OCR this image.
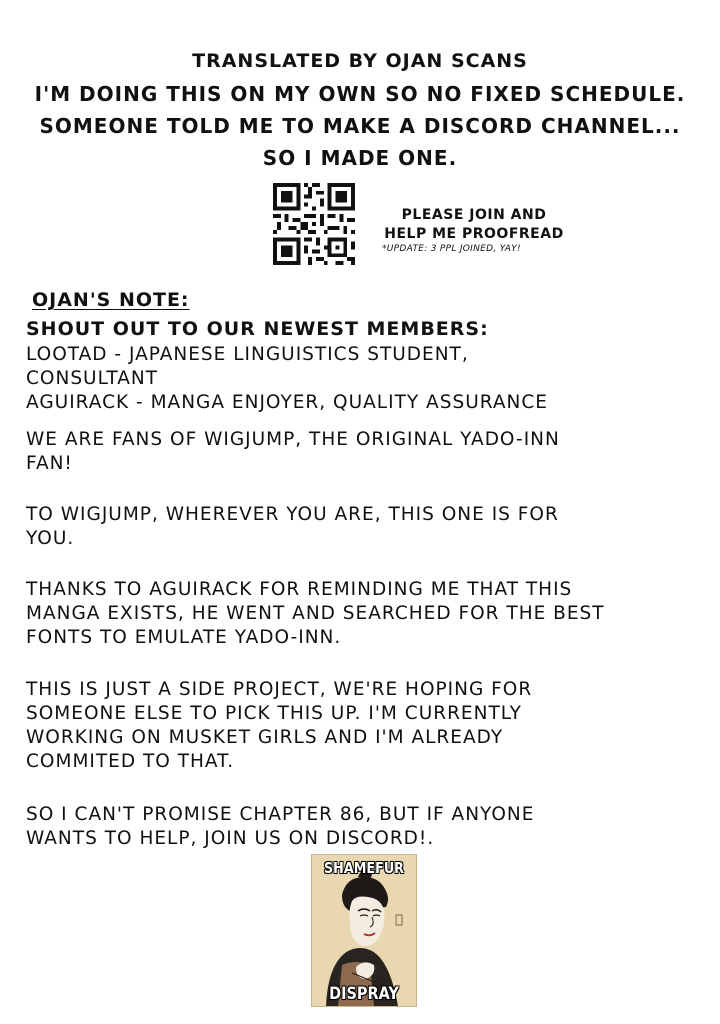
TRANSLATED BY OJAN SCANS
I'M DOING THIS ON MY OWN SO NO FIXED SCHEDULE.
SOMEONE TOLD ME TO MAKE A DISCORD CHANNEL...
SO I MADE ONE.
PLEASE JOIN AND
HELP ME PROOFREAD
*UPDATE: 3 PPL JOINED, YAY!
OJAN'S NOTE:
SHOUT OUT TO OUR NEWEST MEMBERS:
LOOTAD - JAPANESE LINGUISTICS STUDENT,
CONSULTANT
AGUIRACK - MANGA ENJOYER, QUALITY ASSURANCE
WE ARE FANS OF WIGJUMP, THE ORIGINAL YADO-INN
FAN!
TO WIGJUMP, WHEREVER YOU ARE, THIS ONE IS FOR
YOU.
THANKS TO AGUIRACK FOR REMINDING ME THAT THIS
MANGA EXISTS, HE WENT AND SEARCHED FOR THE BEST
FONTS TO EMULATE YADO-INN.
THIS IS JUST A SIDE PROJECT, WE'RE HOPING FOR
SOMEONE ELSE TO PICK THIS UP. I'M CURRENTLY
WORKING ON MUSKET GIRLS AND I'M ALREADY
COMMITED TO THAT.
SO I CAN'T PROMISE CHAPTER 86, BUT IF ANYONE
WANTS TO HELP, JOIN US ON DISCORD!.
SHAMEFUR
DISPRAY
